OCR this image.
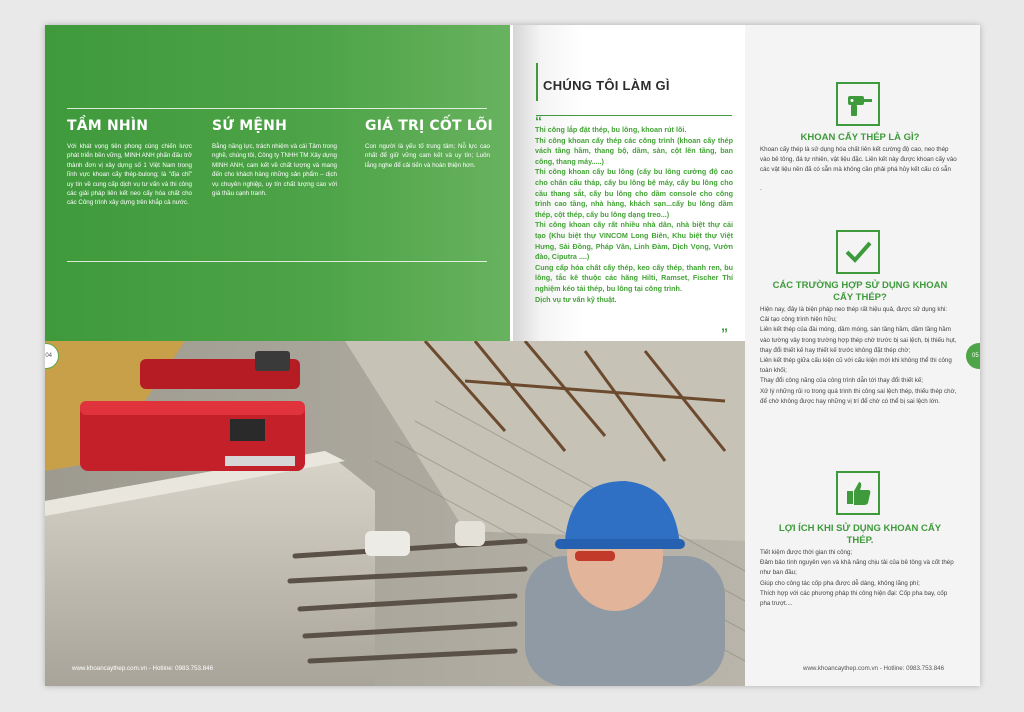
TẦM NHÌN

Với khát vọng tiên phong cùng chiến lược phát triển bền vững, MINH ANH phấn đấu trở thành đơn vị xây dựng số 1 Việt Nam trong lĩnh vực khoan cấy thép-bulong; là "địa chỉ" uy tín về cung cấp dịch vụ tư vấn và thi công các giải pháp liên kết neo cấy hóa chất cho các Công trình xây dựng trên khắp cả nước.

SỨ MỆNH

Bằng năng lực, trách nhiệm và cái Tâm trong nghề, chúng tôi, Công ty TNHH TM Xây dựng MINH ANH, cam kết về chất lượng và mang đến cho khách hàng những sản phẩm – dịch vụ chuyên nghiệp, uy tín chất lượng cao với giá thầu cạnh tranh.

GIÁ TRỊ CỐT LÕI

Con người là yếu tố trung tâm; Nỗ lực cao nhất để giữ vững cam kết và uy tín; Luôn lắng nghe để cải tiến và hoàn thiện hơn.

CHÚNG TÔI LÀM GÌ
“

Thi công lắp đặt thép, bu lông, khoan rút lõi.

Thi công khoan cấy thép các công trình (khoan cấy thép vách tầng hầm, thang bộ, dầm, sàn, cột lên tầng, ban công, thang máy.....)

Thi công khoan cấy bu lông (cấy bu lông cường độ cao cho chân cẩu tháp, cấy bu lông bệ máy, cấy bu lông cho cầu thang sắt, cấy bu lông cho dầm console cho công trình cao tầng, nhà hàng, khách sạn...cấy bu lông dầm thép, cột thép, cấy bu lông dạng treo...)

Thi công khoan cấy rất nhiều nhà dân, nhà biệt thự cải tạo (Khu biệt thự VINCOM Long Biên, Khu biệt thự Việt Hưng, Sài Đồng, Pháp Vân, Linh Đàm, Dịch Vọng, Vườn đào, Ciputra ....)

Cung cấp hóa chất cấy thép, keo cấy thép, thanh ren, bu lông, tắc kê thuộc các hãng Hilti, Ramset, Fischer Thí nghiệm kéo tải thép, bu lông tại công trình.

Dịch vụ tư vấn kỹ thuật.

”
www.khoancaythep.com.vn - Hotline: 0983.753.846
04
KHOAN CẤY THÉP LÀ GÌ?

Khoan cấy thép là sử dụng hóa chất liên kết cường độ cao, neo thép vào bê tông, đá tự nhiên, vật liệu đặc. Liên kết này được khoan cấy vào các vật liệu nền đã có sẵn mà không cần phải phá hủy kết cấu có sẵn

.

CÁC TRƯỜNG HỢP SỬ DỤNG KHOAN CẤY THÉP?

Hiện nay, đây là biện pháp neo thép rất hiệu quả, được sử dụng khi:

Cải tạo công trình hiện hữu;

Liên kết thép của đài móng, dầm móng, sàn tầng hầm, dầm tầng hầm vào tường vây trong trường hợp thép chờ trước bị sai lệch, bị thiếu hụt, thay đổi thiết kế hay thiết kế trước không đặt thép chờ;

Liên kết thép giữa cấu kiện cũ với cấu kiện mới khi không thể thi công toàn khối;

Thay đổi công năng của công trình dẫn tới thay đổi thiết kế;

Xử lý những rủi ro trong quá trình thi công sai lệch thép, thiếu thép chờ, để chờ không được hay những vị trí để chờ có thể bị sai lệch lớn.

LỢI ÍCH KHI SỬ DỤNG KHOAN CẤY THÉP.

Tiết kiệm được thời gian thi công;

Đảm bảo tính nguyên vẹn và khả năng chịu tải của bê tông và cốt thép như ban đầu;

Giúp cho công tác cốp pha được dễ dàng, không lãng phí;

Thích hợp với các phương pháp thi công hiện đại: Cốp pha bay, cốp pha trượt....

www.khoancaythep.com.vn - Hotline: 0983.753.846
05
